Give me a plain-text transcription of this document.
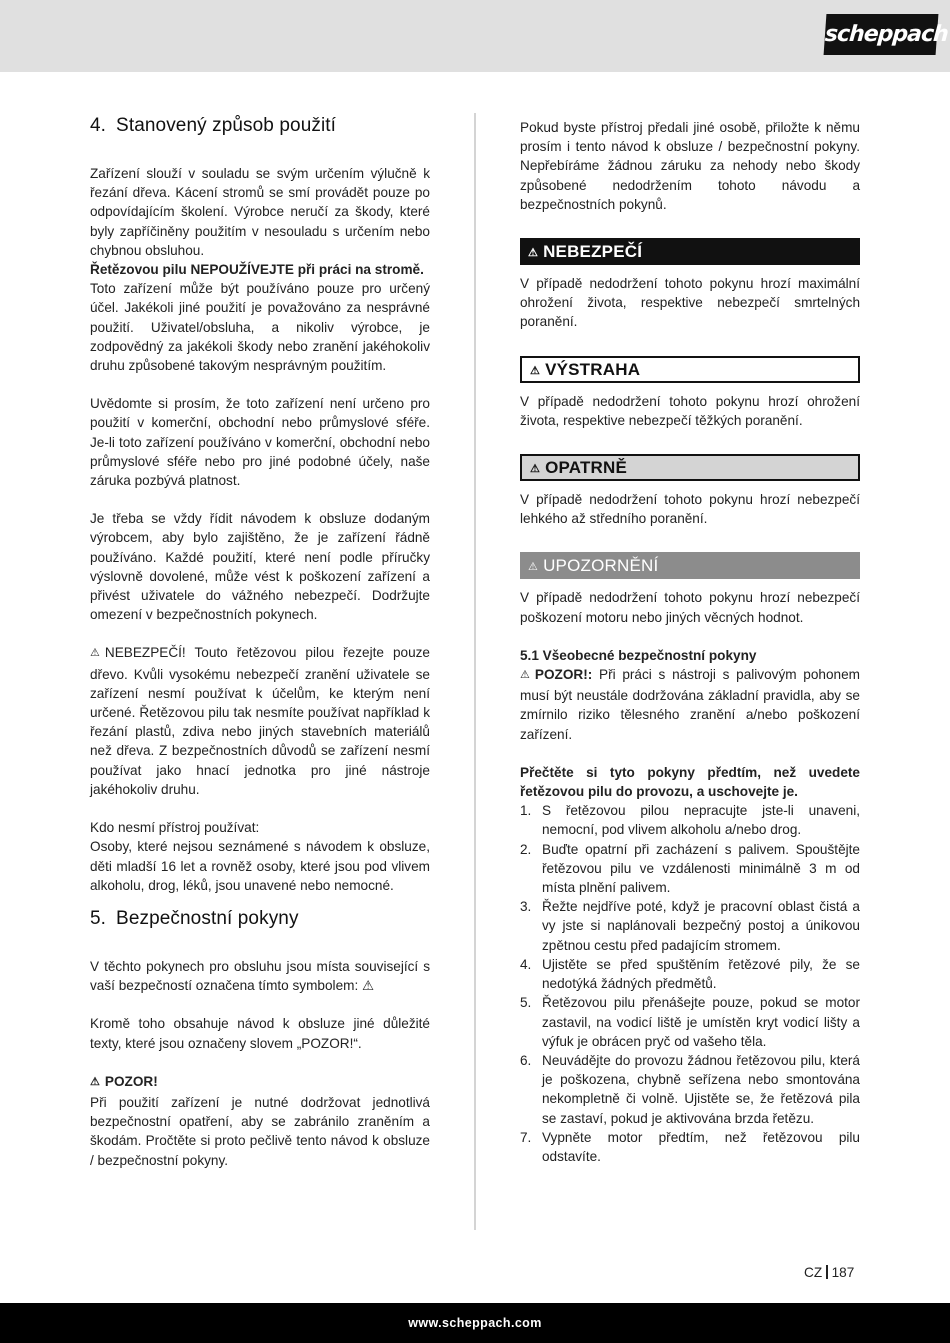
scheppach
4. Stanovený způsob použití
Zařízení slouží v souladu se svým určením výlučně k řezání dřeva. Kácení stromů se smí provádět pouze po odpovídajícím školení. Výrobce neručí za škody, které byly zapříčiněny použitím v nesouladu s určením nebo chybnou obsluhou.
Řetězovou pilu NEPOUŽÍVEJTE při práci na stromě.
Toto zařízení může být používáno pouze pro určený účel. Jakékoli jiné použití je považováno za nesprávné použití. Uživatel/obsluha, a nikoliv výrobce, je zodpovědný za jakékoli škody nebo zranění jakéhokoliv druhu způsobené takovým nesprávným použitím.
Uvědomte si prosím, že toto zařízení není určeno pro použití v komerční, obchodní nebo průmyslové sféře. Je-li toto zařízení používáno v komerční, obchodní nebo průmyslové sféře nebo pro jiné podobné účely, naše záruka pozbývá platnost.
Je třeba se vždy řídit návodem k obsluze dodaným výrobcem, aby bylo zajištěno, že je zařízení řádně používáno. Každé použití, které není podle příručky výslovně dovolené, může vést k poškození zařízení a přivést uživatele do vážného nebezpečí. Dodržujte omezení v bezpečnostních pokynech.
⚠ NEBEZPEČÍ! Touto řetězovou pilou řezejte pouze dřevo. Kvůli vysokému nebezpečí zranění uživatele se zařízení nesmí používat k účelům, ke kterým není určené. Řetězovou pilu tak nesmíte používat například k řezání plastů, zdiva nebo jiných stavebních materiálů než dřeva. Z bezpečnostních důvodů se zařízení nesmí používat jako hnací jednotka pro jiné nástroje jakéhokoliv druhu.
Kdo nesmí přístroj používat:
Osoby, které nejsou seznámené s návodem k obsluze, děti mladší 16 let a rovněž osoby, které jsou pod vlivem alkoholu, drog, léků, jsou unavené nebo nemocné.
5. Bezpečnostní pokyny
V těchto pokynech pro obsluhu jsou místa související s vaší bezpečností označena tímto symbolem: ⚠
Kromě toho obsahuje návod k obsluze jiné důležité texty, které jsou označeny slovem „POZOR!“.
⚠ POZOR!
Při použití zařízení je nutné dodržovat jednotlivá bezpečnostní opatření, aby se zabránilo zraněním a škodám. Pročtěte si proto pečlivě tento návod k obsluze / bezpečnostní pokyny.
Pokud byste přístroj předali jiné osobě, přiložte k němu prosím i tento návod k obsluze / bezpečnostní pokyny. Nepřebíráme žádnou záruku za nehody nebo škody způsobené nedodržením tohoto návodu a bezpečnostních pokynů.
⚠ NEBEZPEČÍ
V případě nedodržení tohoto pokynu hrozí maximální ohrožení života, respektive nebezpečí smrtelných poranění.
⚠ VÝSTRAHA
V případě nedodržení tohoto pokynu hrozí ohrožení života, respektive nebezpečí těžkých poranění.
⚠ OPATRNĚ
V případě nedodržení tohoto pokynu hrozí nebezpečí lehkého až středního poranění.
⚠ UPOZORNĚNÍ
V případě nedodržení tohoto pokynu hrozí nebezpečí poškození motoru nebo jiných věcných hodnot.
5.1 Všeobecné bezpečnostní pokyny
⚠ POZOR!: Při práci s nástroji s palivovým pohonem musí být neustále dodržována základní pravidla, aby se zmírnilo riziko tělesného zranění a/nebo poškození zařízení.
Přečtěte si tyto pokyny předtím, než uvedete řetězovou pilu do provozu, a uschovejte je.
1. S řetězovou pilou nepracujte jste-li unaveni, nemocní, pod vlivem alkoholu a/nebo drog.
2. Buďte opatrní při zacházení s palivem. Spouštějte řetězovou pilu ve vzdálenosti minimálně 3 m od místa plnění palivem.
3. Řežte nejdříve poté, když je pracovní oblast čistá a vy jste si naplánovali bezpečný postoj a únikovou zpětnou cestu před padajícím stromem.
4. Ujistěte se před spuštěním řetězové pily, že se nedotýká žádných předmětů.
5. Řetězovou pilu přenášejte pouze, pokud se motor zastavil, na vodicí liště je umístěn kryt vodicí lišty a výfuk je obrácen pryč od vašeho těla.
6. Neuvádějte do provozu žádnou řetězovou pilu, která je poškozena, chybně seřízena nebo smontována nekompletně či volně. Ujistěte se, že řetězová pila se zastaví, pokud je aktivována brzda řetězu.
7. Vypněte motor předtím, než řetězovou pilu odstavíte.
CZ 187
www.scheppach.com
